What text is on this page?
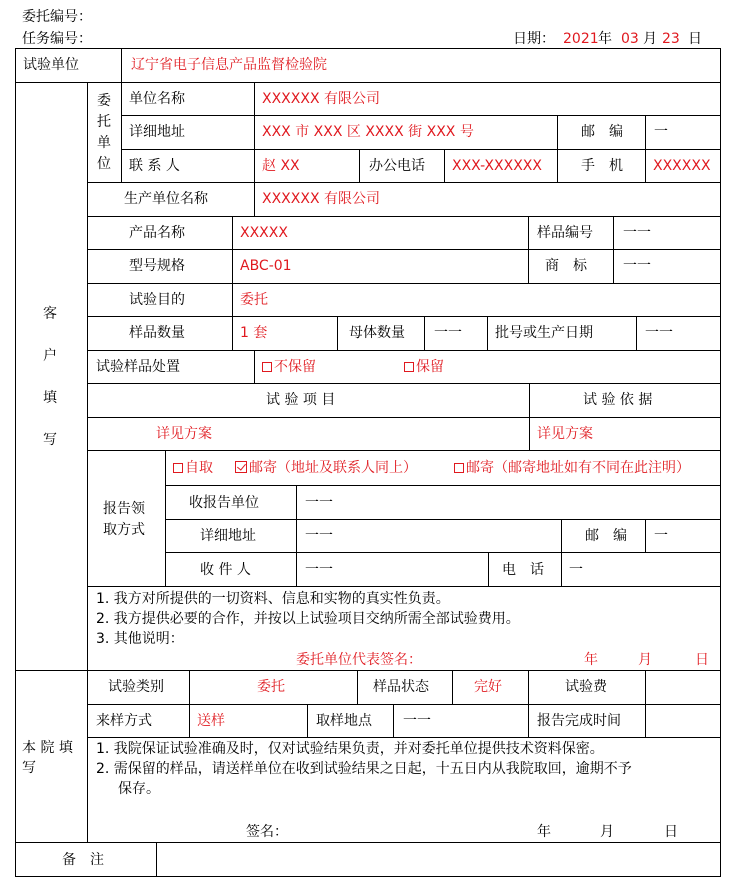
委托编号：
任务编号：	日期： 2021 年 03 月 23 日
试验单位	辽宁省电子信息产品监督检验院
客
户
填
写
委
托
单
位
单位名称	XXXXXX 有限公司
详细地址	XXX 市 XXX 区 XXXX 街 XXX 号	邮　编 一
联 系 人	赵 XX	办公电话 XXX-XXXXXX	手　机 XXXXXX
生产单位名称	XXXXXX 有限公司
产品名称	XXXXX	样品编号 一一
型号规格	ABC-01	商　标	一一
试验目的	委托
样品数量	1 套	母体数量 一一 批号或生产日期	一一
试验样品处置	不保留	保留
试 验 项 目	试 验 依 据
详见方案	详见方案
报告领
取方式
自取	邮寄（地址及联系人同上）	邮寄（邮寄地址如有不同在此注明）
收报告单位	一一
详细地址	一一	邮　编 一
收 件 人	一一	电　话 一
1. 我方对所提供的一切资料、信息和实物的真实性负责。
2. 我方提供必要的合作，并按以上试验项目交纳所需全部试验费用。
3. 其他说明：
委托单位代表签名：	年	月	日
本 院 填
写
试验类别	委托	样品状态	完好	试验费
来样方式	送样	取样地点 一一	报告完成时间
1. 我院保证试验准确及时，仅对试验结果负责，并对委托单位提供技术资料保密。
2. 需保留的样品，请送样单位在收到试验结果之日起，十五日内从我院取回，逾期不予
保存。
签名：	年	月	日
备　注
